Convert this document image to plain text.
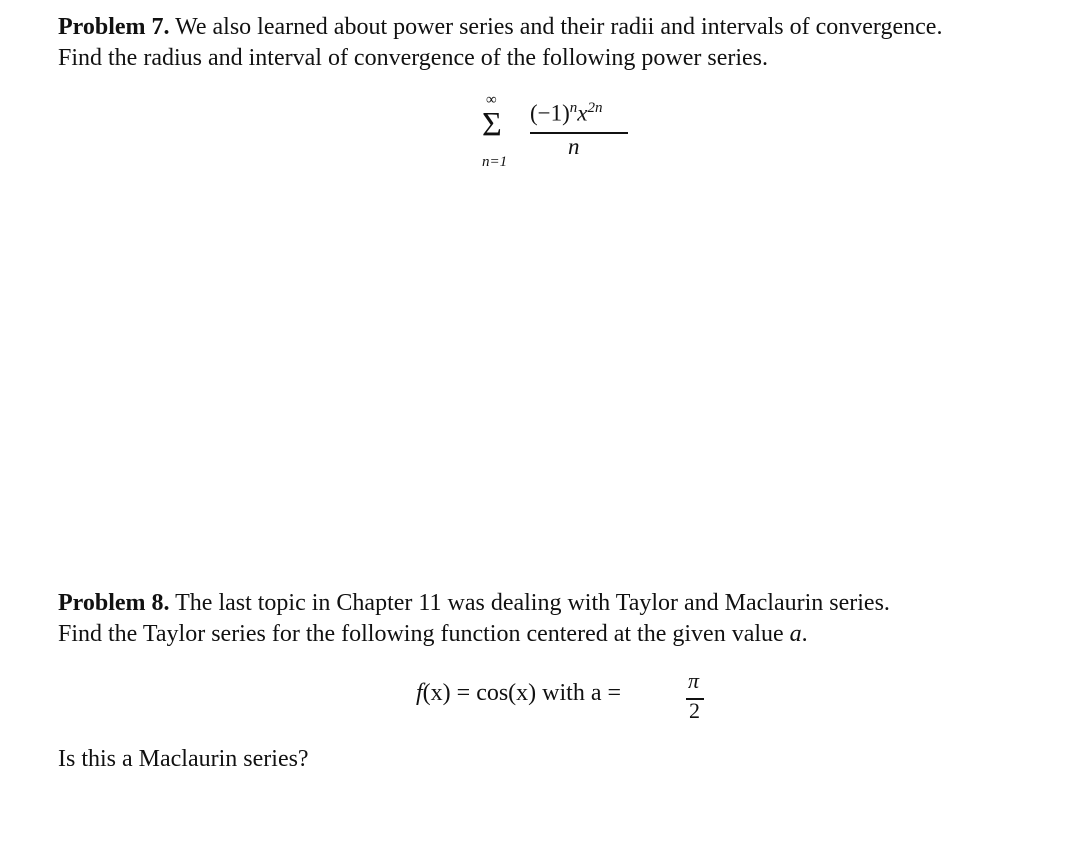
Problem 7. We also learned about power series and their radii and intervals of convergence.
Find the radius and interval of convergence of the following power series.

∞
Σ
n=1
$(-1)^nx^{2n}$
n

Problem 8. The last topic in Chapter 11 was dealing with Taylor and Maclaurin series.
Find the Taylor series for the following function centered at the given value a.

f(x) = cos(x) with a =	π
2

Is this a Maclaurin series?
